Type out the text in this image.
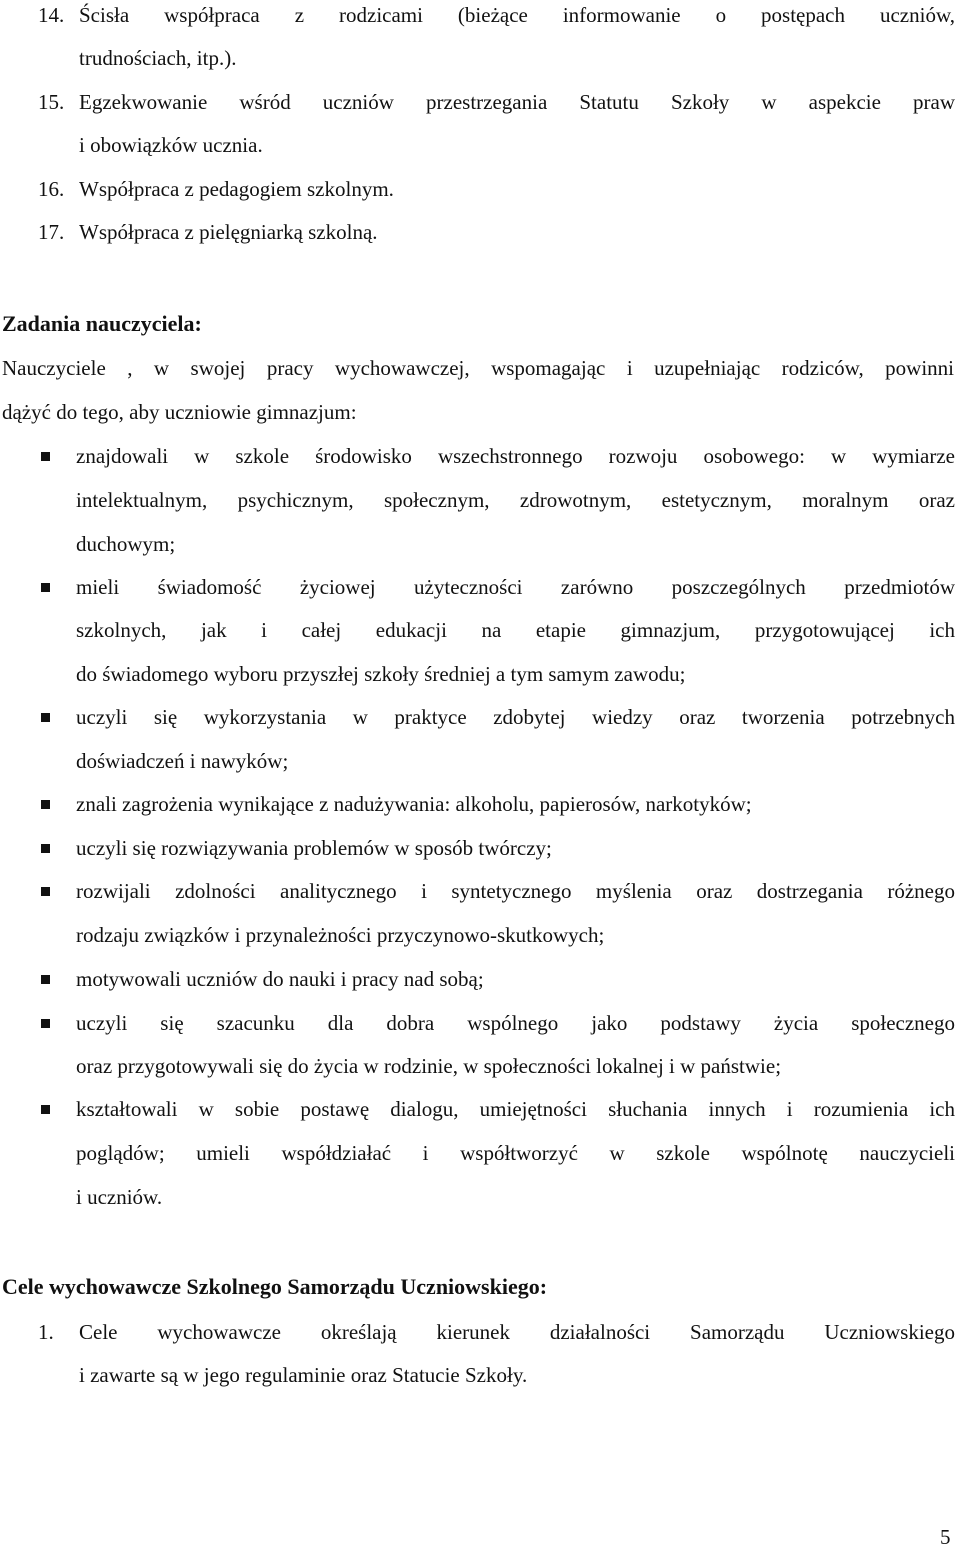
14. Ścisła współpraca z rodzicami (bieżące informowanie o postępach uczniów,
trudnościach, itp.).
15. Egzekwowanie wśród uczniów przestrzegania Statutu Szkoły w aspekcie praw
i obowiązków ucznia.
16. Współpraca z pedagogiem szkolnym.
17. Współpraca z pielęgniarką szkolną.
Zadania nauczyciela:
Nauczyciele , w swojej pracy wychowawczej, wspomagając i uzupełniając rodziców, powinni
dążyć do tego, aby uczniowie gimnazjum:
znajdowali w szkole środowisko wszechstronnego rozwoju osobowego: w wymiarze
intelektualnym, psychicznym, społecznym, zdrowotnym, estetycznym, moralnym oraz
duchowym;
mieli świadomość życiowej użyteczności zarówno poszczególnych przedmiotów
szkolnych, jak i całej edukacji na etapie gimnazjum, przygotowującej ich
do świadomego wyboru przyszłej szkoły średniej a tym samym zawodu;
uczyli się wykorzystania w praktyce zdobytej wiedzy oraz tworzenia potrzebnych
doświadczeń i nawyków;
znali zagrożenia wynikające z nadużywania: alkoholu, papierosów, narkotyków;
uczyli się rozwiązywania problemów w sposób twórczy;
rozwijali zdolności analitycznego i syntetycznego myślenia oraz dostrzegania różnego
rodzaju związków i przynależności przyczynowo-skutkowych;
motywowali uczniów do nauki i pracy nad sobą;
uczyli się szacunku dla dobra wspólnego jako podstawy życia społecznego
oraz przygotowywali się do życia w rodzinie, w społeczności lokalnej i w państwie;
kształtowali w sobie postawę dialogu, umiejętności słuchania innych i rozumienia ich
poglądów; umieli współdziałać i współtworzyć w szkole wspólnotę nauczycieli
i uczniów.
Cele wychowawcze Szkolnego Samorządu Uczniowskiego:
1. Cele wychowawcze określają kierunek działalności Samorządu Uczniowskiego
i zawarte są w jego regulaminie oraz Statucie Szkoły.
5
